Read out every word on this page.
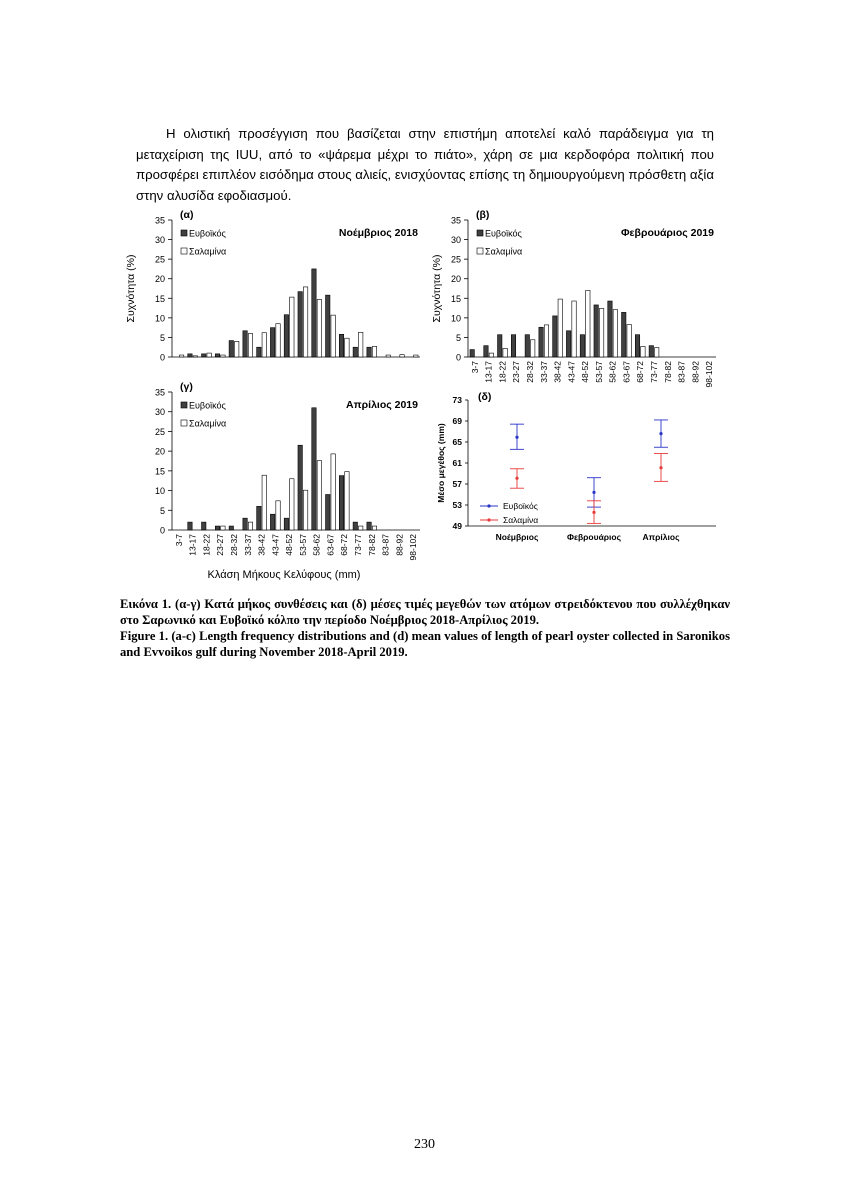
Η ολιστική προσέγγιση που βασίζεται στην επιστήμη αποτελεί καλό παράδειγμα για τη μεταχείριση της IUU, από το «ψάρεμα μέχρι το πιάτο», χάρη σε μια κερδοφόρα πολιτική που προσφέρει επιπλέον εισόδημα στους αλιείς, ενισχύοντας επίσης τη δημιουργούμενη πρόσθετη αξία στην αλυσίδα εφοδιασμού.
0
5
10
15
20
25
30
35 (α)
Νοέμβριος 2018
Ευβοϊκός
Σαλαμίνα
Συχνότητα (%)
0
5
10
15
20
25
30
35
3-7 13-17 18-22 23-27 28-32 33-37 38-42 43-47 48-52 53-57 58-62 63-67 68-72 73-77 78-82 83-87 88-92 98-102
(β)
Φεβρουάριος 2019
Ευβοϊκός
Σαλαμίνα
Συχνότητα (%)
0
5
10
15
20
25
30
35
3-7 13-17 18-22 23-27 28-32 33-37 38-42 43-47 48-52 53-57 58-62 63-67 68-72 73-77 78-82 83-87 88-92 98-102
(γ)
Απρίλιος 2019
Ευβοϊκός
Σαλαμίνα
49
53
57
61
65
69
73
Νοέμβριος	Φεβρουάριος	Απρίλιος
(δ)
Ευβοϊκός
Σαλαμίνα
Μέσο μεγέθος (mm)
Κλάση Μήκους Κελύφους (mm)

Εικόνα 1. (α-γ) Κατά μήκος συνθέσεις και (δ) μέσες τιμές μεγεθών των ατόμων στρειδόκτενου που συλλέχθηκαν στο Σαρωνικό και Ευβοϊκό κόλπο την περίοδο Νοέμβριος 2018-Απρίλιος 2019.

Figure 1. (a-c) Length frequency distributions and (d) mean values of length of pearl oyster collected in Saronikos and Evvoikos gulf during November 2018-April 2019.

230
